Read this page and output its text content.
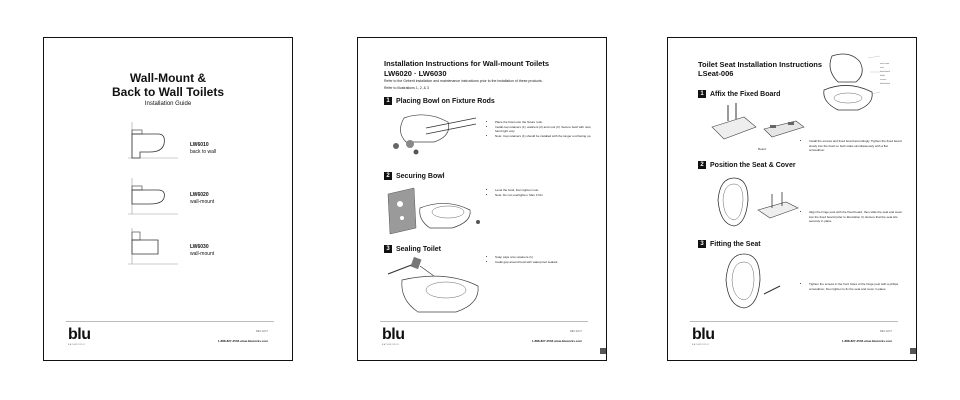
Wall-Mount &
Back to Wall Toilets
Installation Guide
LW6010
back to wall
LW6020
wall-mount
LW6030
wall-mount
blu
BATHWORKS
REV 02/17
1-888-827-2536 www.bluworks.com
Installation Instructions for Wall-mount Toilets
LW6020 · LW6030
Refer to the Geberit installation and maintenance instructions prior to the installation of these products.
Refer to illustrations 1, 2, & 3
1 Placing Bowl on Fixture Rods
• Place the bowl onto the fixture rods.
• Install cap retainers (1), washers (2) and nuts (3). Secure bowl with nuts, hand tight only.
• Note: Cap retainers (1) should be installed with the longer end facing up.
2 Securing Bowl
• Level the bowl, then tighten nuts.
• Note: Do not overtighten. Max 3 Nm
3 Sealing Toilet
• Snap caps onto retainers (1)
• Caulk gap around bowl with waterproof sealant.
blu
BATHWORKS
REV 02/17
1-888-827-2536 www.bluworks.com
Toilet Seat Installation Instructions
LSeat-006
seat cover
seat
fixed board
buffer
screws
fixed board
1 Affix the Fixed Board
Board
• Install the screws and fixed board accordingly. Tighten the fixed board slowly into the bowl on both sides simultaneously with a flat screwdriver.
2 Position the Seat & Cover
• Align the hinge post with the fixed board, then slide the seat and cover into the fixed board (refer to illustration 3). Ensure that the seat sits securely in place.
3 Fitting the Seat
• Tighten the screws in the front holes of the hinge post with a philips screwdriver, then tighten to fix the seat and cover in place.
blu
BATHWORKS
REV 02/17
1-888-827-2536 www.bluworks.com
